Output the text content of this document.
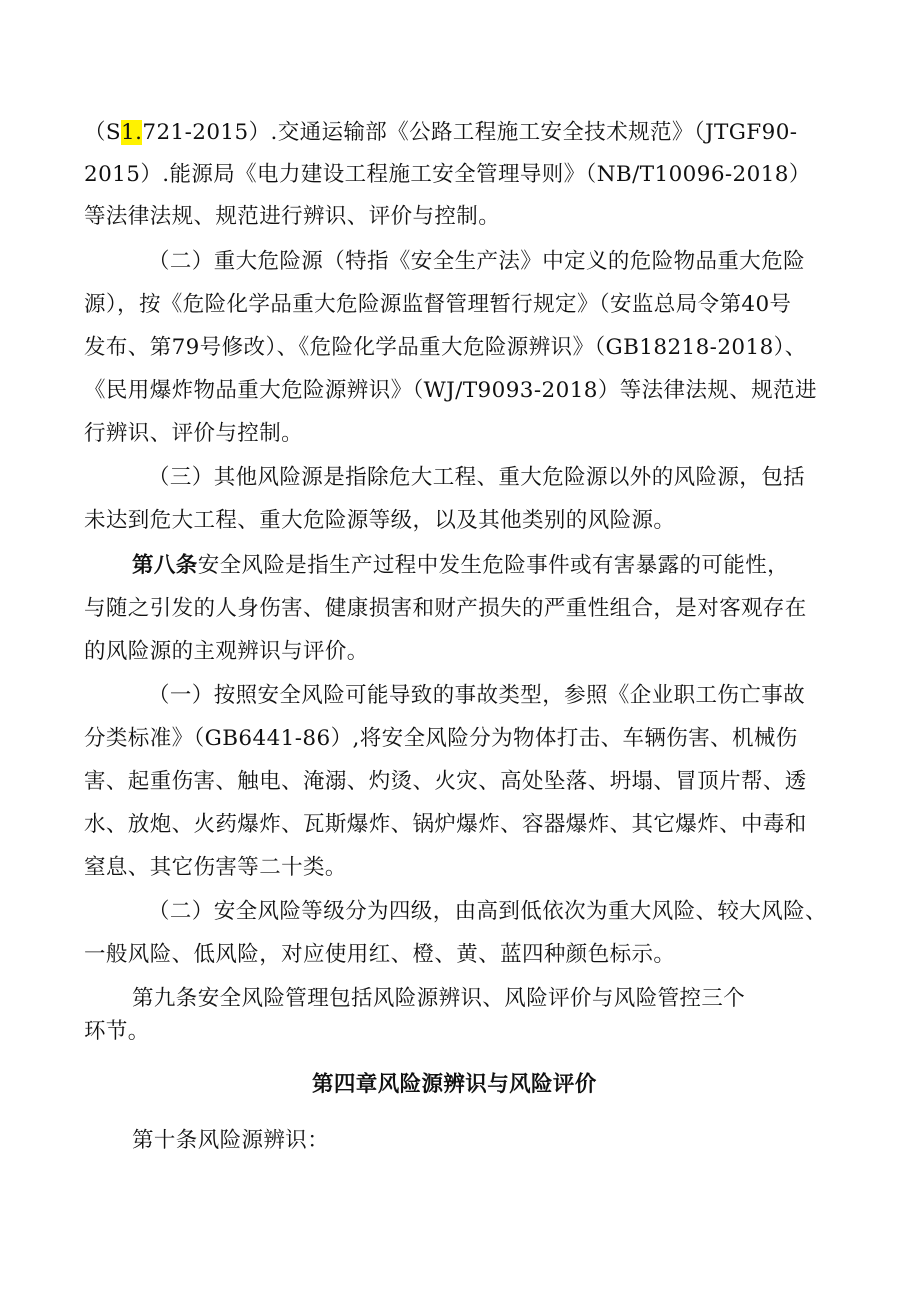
（S1.721-2015）.交通运输部《公路工程施工安全技术规范》（JTGF90-
2015）.能源局《电力建设工程施工安全管理导则》（NB/T10096-2018）
等法律法规、规范进行辨识、评价与控制。
（二）重大危险源（特指《安全生产法》中定义的危险物品重大危险
源），按《危险化学品重大危险源监督管理暂行规定》（安监总局令第40号
发布、第79号修改）、《危险化学品重大危险源辨识》（GB18218-2018）、
《民用爆炸物品重大危险源辨识》（WJ/T9093-2018）等法律法规、规范进
行辨识、评价与控制。
（三）其他风险源是指除危大工程、重大危险源以外的风险源，包括
未达到危大工程、重大危险源等级，以及其他类别的风险源。
第八条安全风险是指生产过程中发生危险事件或有害暴露的可能性，
与随之引发的人身伤害、健康损害和财产损失的严重性组合，是对客观存在
的风险源的主观辨识与评价。
（一）按照安全风险可能导致的事故类型，参照《企业职工伤亡事故
分类标准》（GB6441-86）,将安全风险分为物体打击、车辆伤害、机械伤
害、起重伤害、触电、淹溺、灼烫、火灾、高处坠落、坍塌、冒顶片帮、透
水、放炮、火药爆炸、瓦斯爆炸、锅炉爆炸、容器爆炸、其它爆炸、中毒和
窒息、其它伤害等二十类。
（二）安全风险等级分为四级，由高到低依次为重大风险、较大风险、
一般风险、低风险，对应使用红、橙、黄、蓝四种颜色标示。
第九条安全风险管理包括风险源辨识、风险评价与风险管控三个
环节。
第四章风险源辨识与风险评价
第十条风险源辨识：
